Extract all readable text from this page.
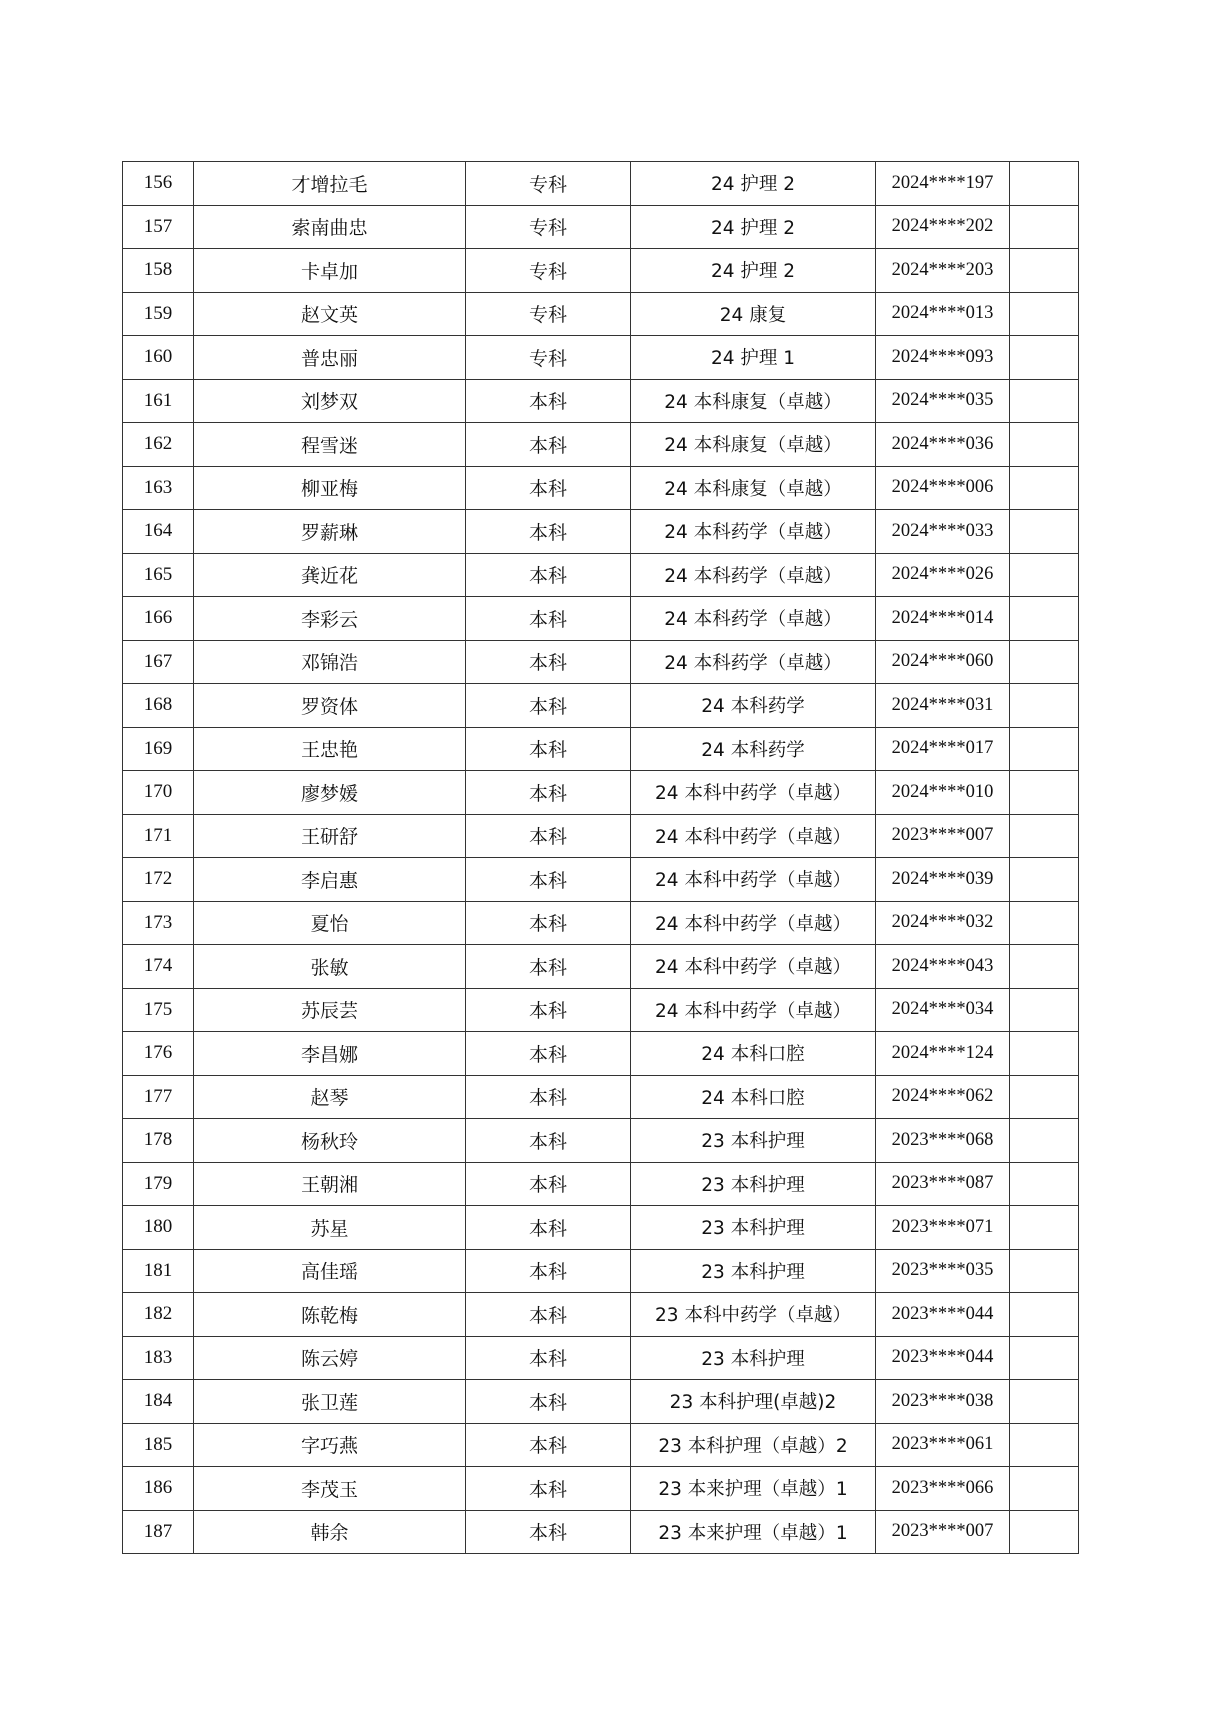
156	才增拉毛	专科	24 护理 2	2024****197	
157	索南曲忠	专科	24 护理 2	2024****202	
158	卡卓加	专科	24 护理 2	2024****203	
159	赵文英	专科	24 康复	2024****013	
160	普忠丽	专科	24 护理 1	2024****093	
161	刘梦双	本科	24 本科康复（卓越）	2024****035	
162	程雪迷	本科	24 本科康复（卓越）	2024****036	
163	柳亚梅	本科	24 本科康复（卓越）	2024****006	
164	罗薪琳	本科	24 本科药学（卓越）	2024****033	
165	龚近花	本科	24 本科药学（卓越）	2024****026	
166	李彩云	本科	24 本科药学（卓越）	2024****014	
167	邓锦浩	本科	24 本科药学（卓越）	2024****060	
168	罗资体	本科	24 本科药学	2024****031	
169	王忠艳	本科	24 本科药学	2024****017	
170	廖梦媛	本科	24 本科中药学（卓越）	2024****010	
171	王研舒	本科	24 本科中药学（卓越）	2023****007	
172	李启惠	本科	24 本科中药学（卓越）	2024****039	
173	夏怡	本科	24 本科中药学（卓越）	2024****032	
174	张敏	本科	24 本科中药学（卓越）	2024****043	
175	苏辰芸	本科	24 本科中药学（卓越）	2024****034	
176	李昌娜	本科	24 本科口腔	2024****124	
177	赵琴	本科	24 本科口腔	2024****062	
178	杨秋玲	本科	23 本科护理	2023****068	
179	王朝湘	本科	23 本科护理	2023****087	
180	苏星	本科	23 本科护理	2023****071	
181	高佳瑶	本科	23 本科护理	2023****035	
182	陈乾梅	本科	23 本科中药学（卓越）	2023****044	
183	陈云婷	本科	23 本科护理	2023****044	
184	张卫莲	本科	23 本科护理(卓越)2	2023****038	
185	字巧燕	本科	23 本科护理（卓越）2	2023****061	
186	李茂玉	本科	23 本来护理（卓越）1	2023****066	
187	韩余	本科	23 本来护理（卓越）1	2023****007	
